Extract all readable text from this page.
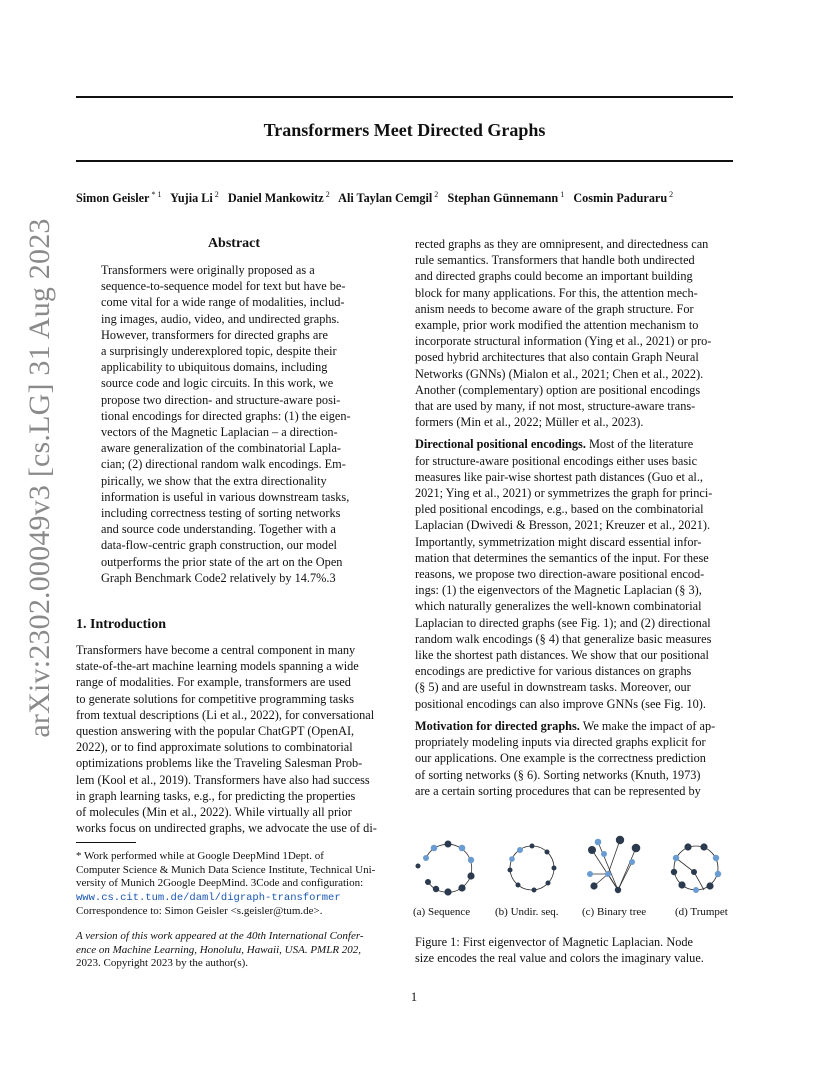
Transformers Meet Directed Graphs
Simon Geisler $^{* 1}$  Yujia Li $^2$  Daniel Mankowitz $^2$  Ali Taylan Cemgil $^2$  Stephan Günnemann $^1$  Cosmin Paduraru $^2$
arXiv:2302.00049v3 [cs.LG] 31 Aug 2023	Abstract

Transformers were originally proposed as a
sequence-to-sequence model for text but have be-
come vital for a wide range of modalities, includ-
ing images, audio, video, and undirected graphs.
However, transformers for directed graphs are
a surprisingly underexplored topic, despite their
applicability to ubiquitous domains, including
source code and logic circuits. In this work, we
propose two direction- and structure-aware posi-
tional encodings for directed graphs: (1) the eigen-
vectors of the Magnetic Laplacian – a direction-
aware generalization of the combinatorial Lapla-
cian; (2) directional random walk encodings. Em-
pirically, we show that the extra directionality
information is useful in various downstream tasks,
including correctness testing of sorting networks
and source code understanding. Together with a
data-flow-centric graph construction, our model
outperforms the prior state of the art on the Open
Graph Benchmark Code2 relatively by 14.7%.3

1. Introduction

Transformers have become a central component in many
state-of-the-art machine learning models spanning a wide
range of modalities. For example, transformers are used
to generate solutions for competitive programming tasks
from textual descriptions (Li et al., 2022), for conversational
question answering with the popular ChatGPT (OpenAI,
2022), or to find approximate solutions to combinatorial
optimizations problems like the Traveling Salesman Prob-
lem (Kool et al., 2019). Transformers have also had success
in graph learning tasks, e.g., for predicting the properties
of molecules (Min et al., 2022). While virtually all prior
works focus on undirected graphs, we advocate the use of di-

* Work performed while at Google DeepMind 1Dept. of
Computer Science & Munich Data Science Institute, Technical Uni-
versity of Munich 2Google DeepMind. 3Code and configuration:
www.cs.cit.tum.de/daml/digraph-transformer
Correspondence to: Simon Geisler <s.geisler@tum.de>.

A version of this work appeared at the 40th International Confer-
ence on Machine Learning, Honolulu, Hawaii, USA. PMLR 202,
2023. Copyright 2023 by the author(s).

rected graphs as they are omnipresent, and directedness can
rule semantics. Transformers that handle both undirected
and directed graphs could become an important building
block for many applications. For this, the attention mech-
anism needs to become aware of the graph structure. For
example, prior work modified the attention mechanism to
incorporate structural information (Ying et al., 2021) or pro-
posed hybrid architectures that also contain Graph Neural
Networks (GNNs) (Mialon et al., 2021; Chen et al., 2022).
Another (complementary) option are positional encodings
that are used by many, if not most, structure-aware trans-
formers (Min et al., 2022; Müller et al., 2023).

Directional positional encodings. Most of the literature
for structure-aware positional encodings either uses basic
measures like pair-wise shortest path distances (Guo et al.,
2021; Ying et al., 2021) or symmetrizes the graph for princi-
pled positional encodings, e.g., based on the combinatorial
Laplacian (Dwivedi & Bresson, 2021; Kreuzer et al., 2021).
Importantly, symmetrization might discard essential infor-
mation that determines the semantics of the input. For these
reasons, we propose two direction-aware positional encod-
ings: (1) the eigenvectors of the Magnetic Laplacian (§ 3),
which naturally generalizes the well-known combinatorial
Laplacian to directed graphs (see Fig. 1); and (2) directional
random walk encodings (§ 4) that generalize basic measures
like the shortest path distances. We show that our positional
encodings are predictive for various distances on graphs
(§ 5) and are useful in downstream tasks. Moreover, our
positional encodings can also improve GNNs (see Fig. 10).

Motivation for directed graphs. We make the impact of ap-
propriately modeling inputs via directed graphs explicit for
our applications. One example is the correctness prediction
of sorting networks (§ 6). Sorting networks (Knuth, 1973)
are a certain sorting procedures that can be represented by

(a) Sequence (b) Undir. seq. (c) Binary tree	(d) Trumpet

Figure 1: First eigenvector of Magnetic Laplacian. Node
size encodes the real value and colors the imaginary value.

1
